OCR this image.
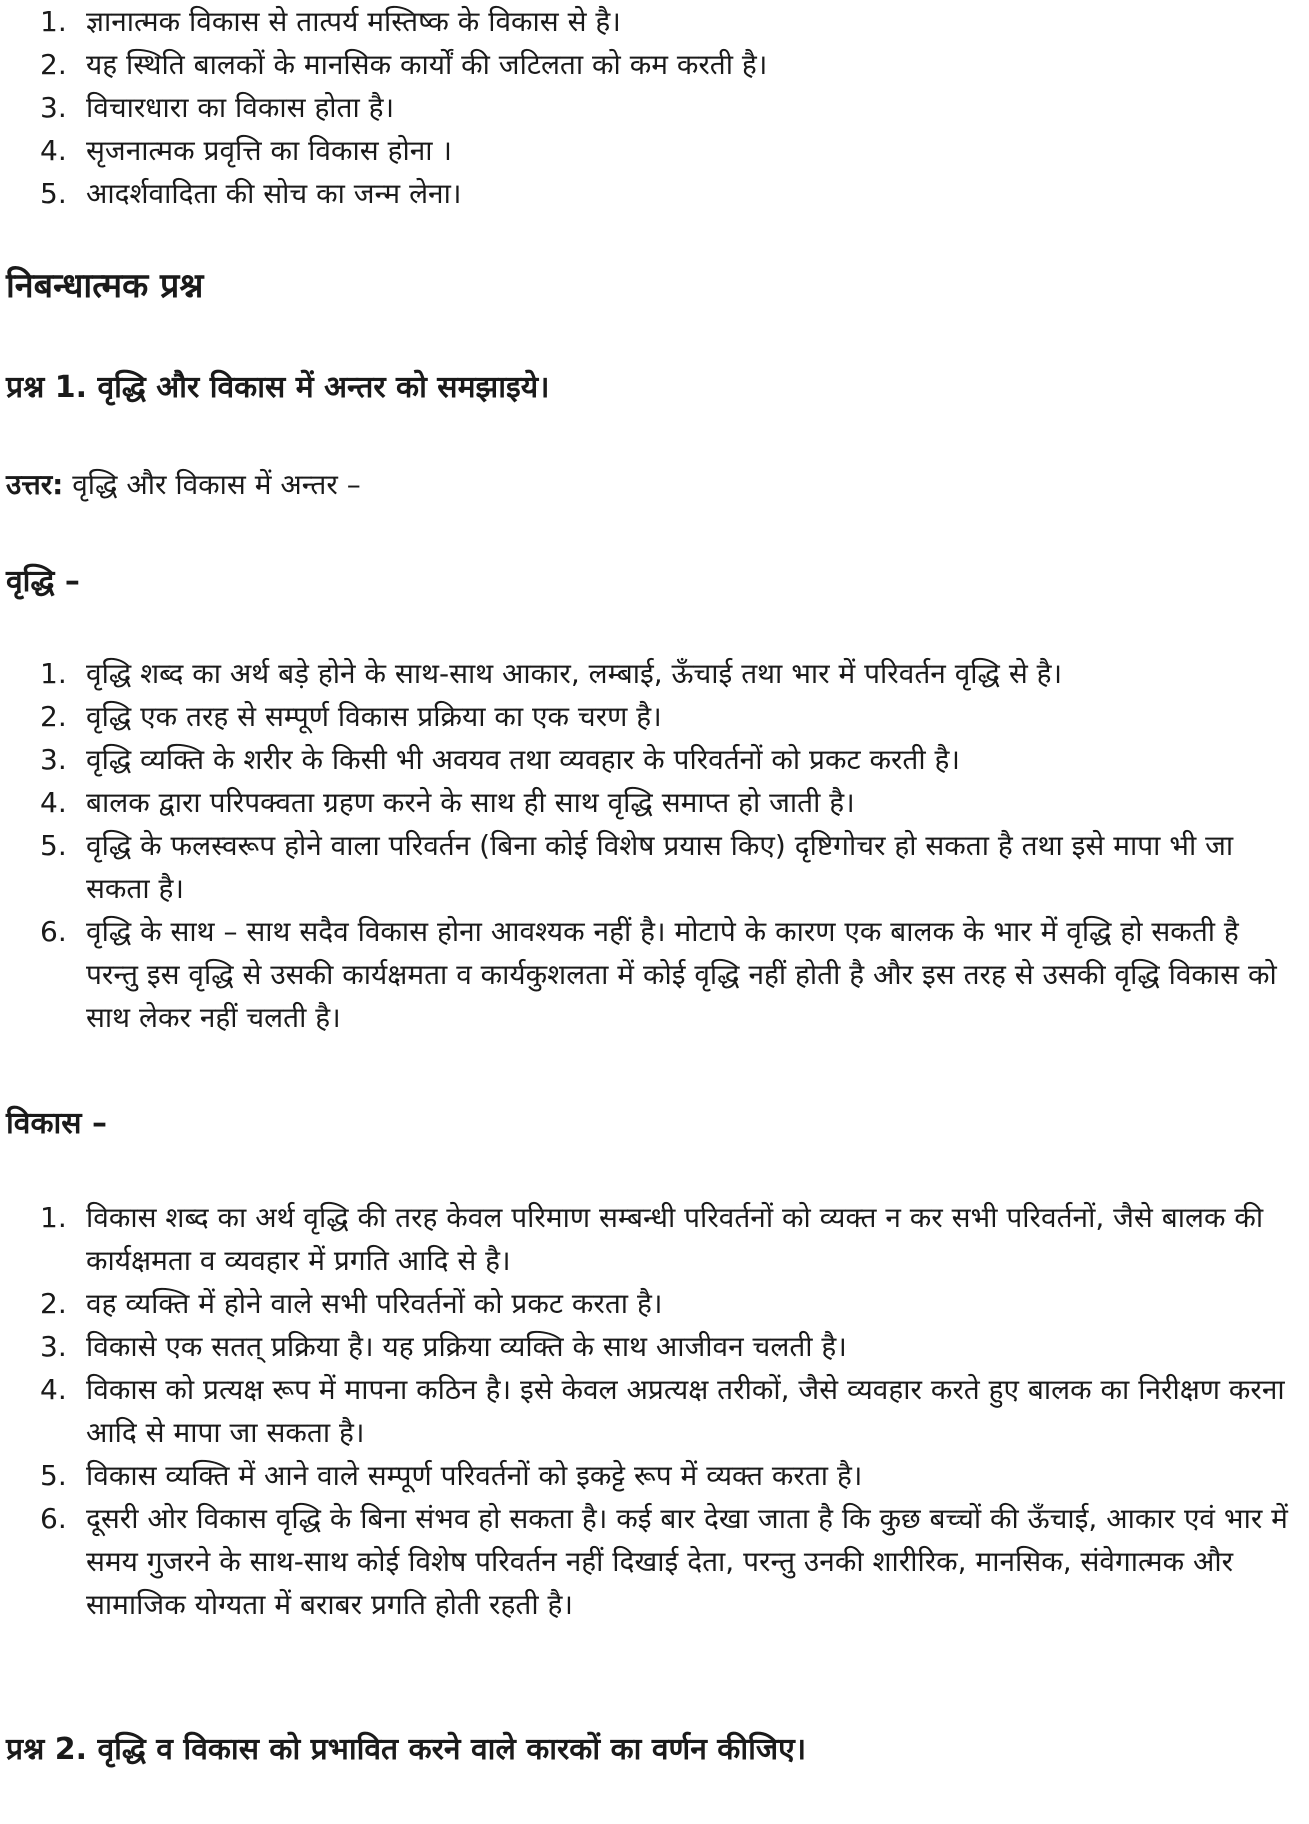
1. ज्ञानात्मक विकास से तात्पर्य मस्तिष्क के विकास से है।
2. यह स्थिति बालकों के मानसिक कार्यों की जटिलता को कम करती है।
3. विचारधारा का विकास होता है।
4. सृजनात्मक प्रवृत्ति का विकास होना ।
5. आदर्शवादिता की सोच का जन्म लेना।
निबन्धात्मक प्रश्न

प्रश्न 1. वृद्धि और विकास में अन्तर को समझाइये।

उत्तर: वृद्धि और विकास में अन्तर –

वृद्धि –

1. वृद्धि शब्द का अर्थ बड़े होने के साथ-साथ आकार, लम्बाई, ऊँचाई तथा भार में परिवर्तन वृद्धि से है।
2. वृद्धि एक तरह से सम्पूर्ण विकास प्रक्रिया का एक चरण है।
3. वृद्धि व्यक्ति के शरीर के किसी भी अवयव तथा व्यवहार के परिवर्तनों को प्रकट करती है।
4. बालक द्वारा परिपक्वता ग्रहण करने के साथ ही साथ वृद्धि समाप्त हो जाती है।
5. वृद्धि के फलस्वरूप होने वाला परिवर्तन (बिना कोई विशेष प्रयास किए) दृष्टिगोचर हो सकता है तथा इसे मापा भी जा सकता है।
6. वृद्धि के साथ – साथ सदैव विकास होना आवश्यक नहीं है। मोटापे के कारण एक बालक के भार में वृद्धि हो सकती है परन्तु इस वृद्धि से उसकी कार्यक्षमता व कार्यकुशलता में कोई वृद्धि नहीं होती है और इस तरह से उसकी वृद्धि विकास को साथ लेकर नहीं चलती है।

विकास –

1. विकास शब्द का अर्थ वृद्धि की तरह केवल परिमाण सम्बन्धी परिवर्तनों को व्यक्त न कर सभी परिवर्तनों, जैसे बालक की कार्यक्षमता व व्यवहार में प्रगति आदि से है।
2. वह व्यक्ति में होने वाले सभी परिवर्तनों को प्रकट करता है।
3. विकासे एक सतत् प्रक्रिया है। यह प्रक्रिया व्यक्ति के साथ आजीवन चलती है।
4. विकास को प्रत्यक्ष रूप में मापना कठिन है। इसे केवल अप्रत्यक्ष तरीकों, जैसे व्यवहार करते हुए बालक का निरीक्षण करना आदि से मापा जा सकता है।
5. विकास व्यक्ति में आने वाले सम्पूर्ण परिवर्तनों को इकट्टे रूप में व्यक्त करता है।
6. दूसरी ओर विकास वृद्धि के बिना संभव हो सकता है। कई बार देखा जाता है कि कुछ बच्चों की ऊँचाई, आकार एवं भार में समय गुजरने के साथ-साथ कोई विशेष परिवर्तन नहीं दिखाई देता, परन्तु उनकी शारीरिक, मानसिक, संवेगात्मक और सामाजिक योग्यता में बराबर प्रगति होती रहती है।

प्रश्न 2. वृद्धि व विकास को प्रभावित करने वाले कारकों का वर्णन कीजिए।
